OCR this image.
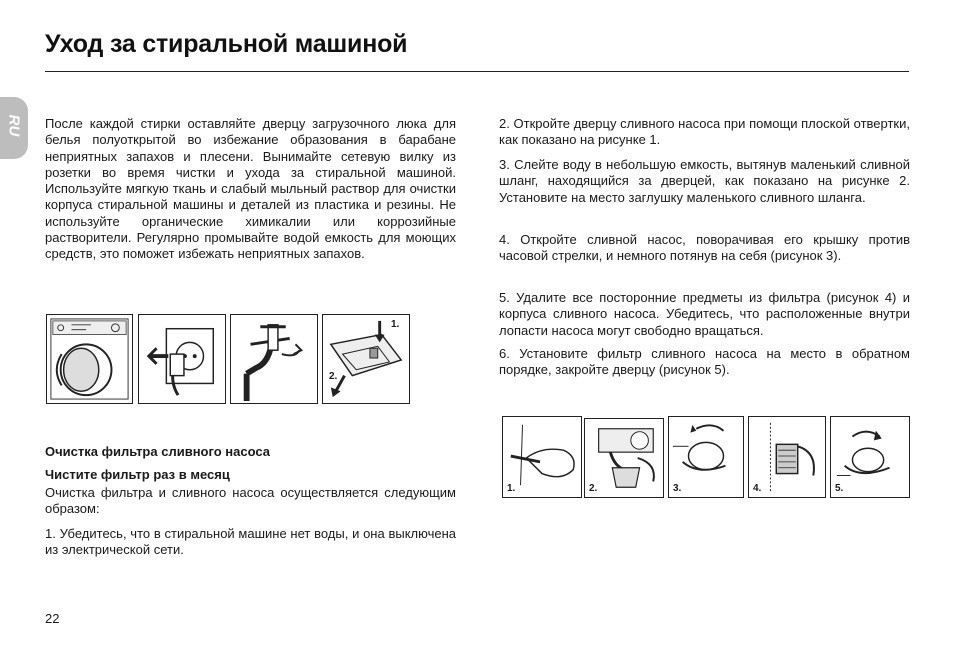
Уход за стиральной машиной
RU После каждой стирки оставляйте дверцу загрузочного люка для белья полуоткрытой во избежание образования в барабане неприятных запахов и плесени. Вынимайте сетевую вилку из розетки во время чистки и ухода за стиральной машиной. Используйте мягкую ткань и слабый мыльный раствор для очистки корпуса стиральной машины и деталей из пластика и резины. Не используйте органические химикалии или коррозийные растворители. Регулярно промывайте водой емкость для моющих средств, это поможет избежать неприятных запахов.

1.
2.
Очистка фильтра сливного насоса
Чистите фильтр раз в месяц

Очистка фильтра и сливного насоса осуществляется следующим образом:

1. Убедитесь, что в стиральной машине нет воды, и она выключена из электрической сети.

22

2. Откройте дверцу сливного насоса при помощи плоской отвертки, как показано на рисунке 1.

3. Слейте воду в небольшую емкость, вытянув маленький сливной шланг, находящийся за дверцей, как показано на рисунке 2. Установите на место заглушку маленького сливного шланга.

4. Откройте сливной насос, поворачивая его крышку против часовой стрелки, и немного потянув на себя (рисунок 3).

5. Удалите все посторонние предметы из фильтра (рисунок 4) и корпуса сливного насоса. Убедитесь, что расположенные внутри лопасти насоса могут свободно вращаться.

6. Установите фильтр сливного насоса на место в обратном порядке, закройте дверцу (рисунок 5).

1.	2.	3.	4.	5.
